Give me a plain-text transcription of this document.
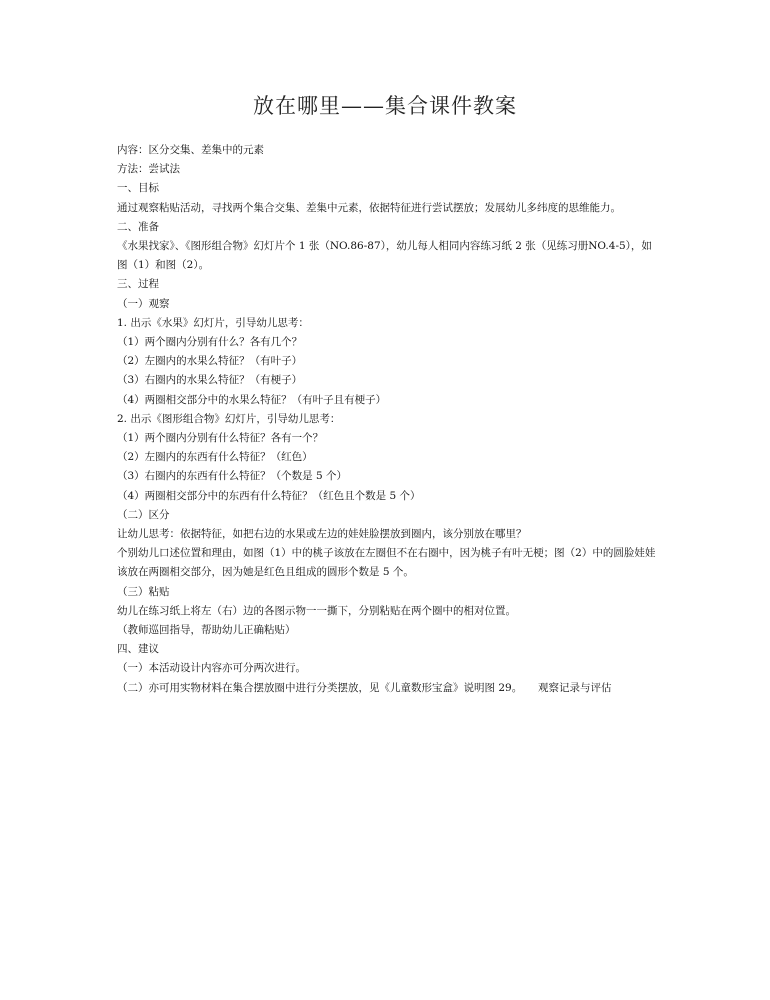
放在哪里——集合课件教案

内容：区分交集、差集中的元素

方法：尝试法

一、目标

通过观察粘贴活动，寻找两个集合交集、差集中元素，依据特征进行尝试摆放；发展幼儿多纬度的思维能力。

二、准备

《水果找家》、《图形组合物》幻灯片个 1 张（NO.86-87），幼儿每人相同内容练习纸 2 张（见练习册NO.4-5），如图（1）和图（2）。

三、过程

（一）观察

1. 出示《水果》幻灯片，引导幼儿思考：

（1）两个圈内分别有什么？各有几个？

（2）左圈内的水果么特征？（有叶子）

（3）右圈内的水果么特征？（有梗子）

（4）两圈相交部分中的水果么特征？（有叶子且有梗子）

2. 出示《图形组合物》幻灯片，引导幼儿思考：

（1）两个圈内分别有什么特征？各有一个？

（2）左圈内的东西有什么特征？（红色）

（3）右圈内的东西有什么特征？（个数是 5 个）

（4）两圈相交部分中的东西有什么特征？（红色且个数是 5 个）

（二）区分

让幼儿思考：依据特征，如把右边的水果或左边的娃娃脸摆放到圈内，该分别放在哪里？

个别幼儿口述位置和理由，如图（1）中的桃子该放在左圈但不在右圈中，因为桃子有叶无梗；图（2）中的圆脸娃娃该放在两圈相交部分，因为她是红色且组成的圆形个数是 5 个。

（三）粘贴

幼儿在练习纸上将左（右）边的各图示物一一撕下，分别粘贴在两个圈中的相对位置。

（教师巡回指导，帮助幼儿正确粘贴）

四、建议

（一）本活动设计内容亦可分两次进行。

（二）亦可用实物材料在集合摆放圈中进行分类摆放，见《儿童数形宝盒》说明图 29。　　观察记录与评估
